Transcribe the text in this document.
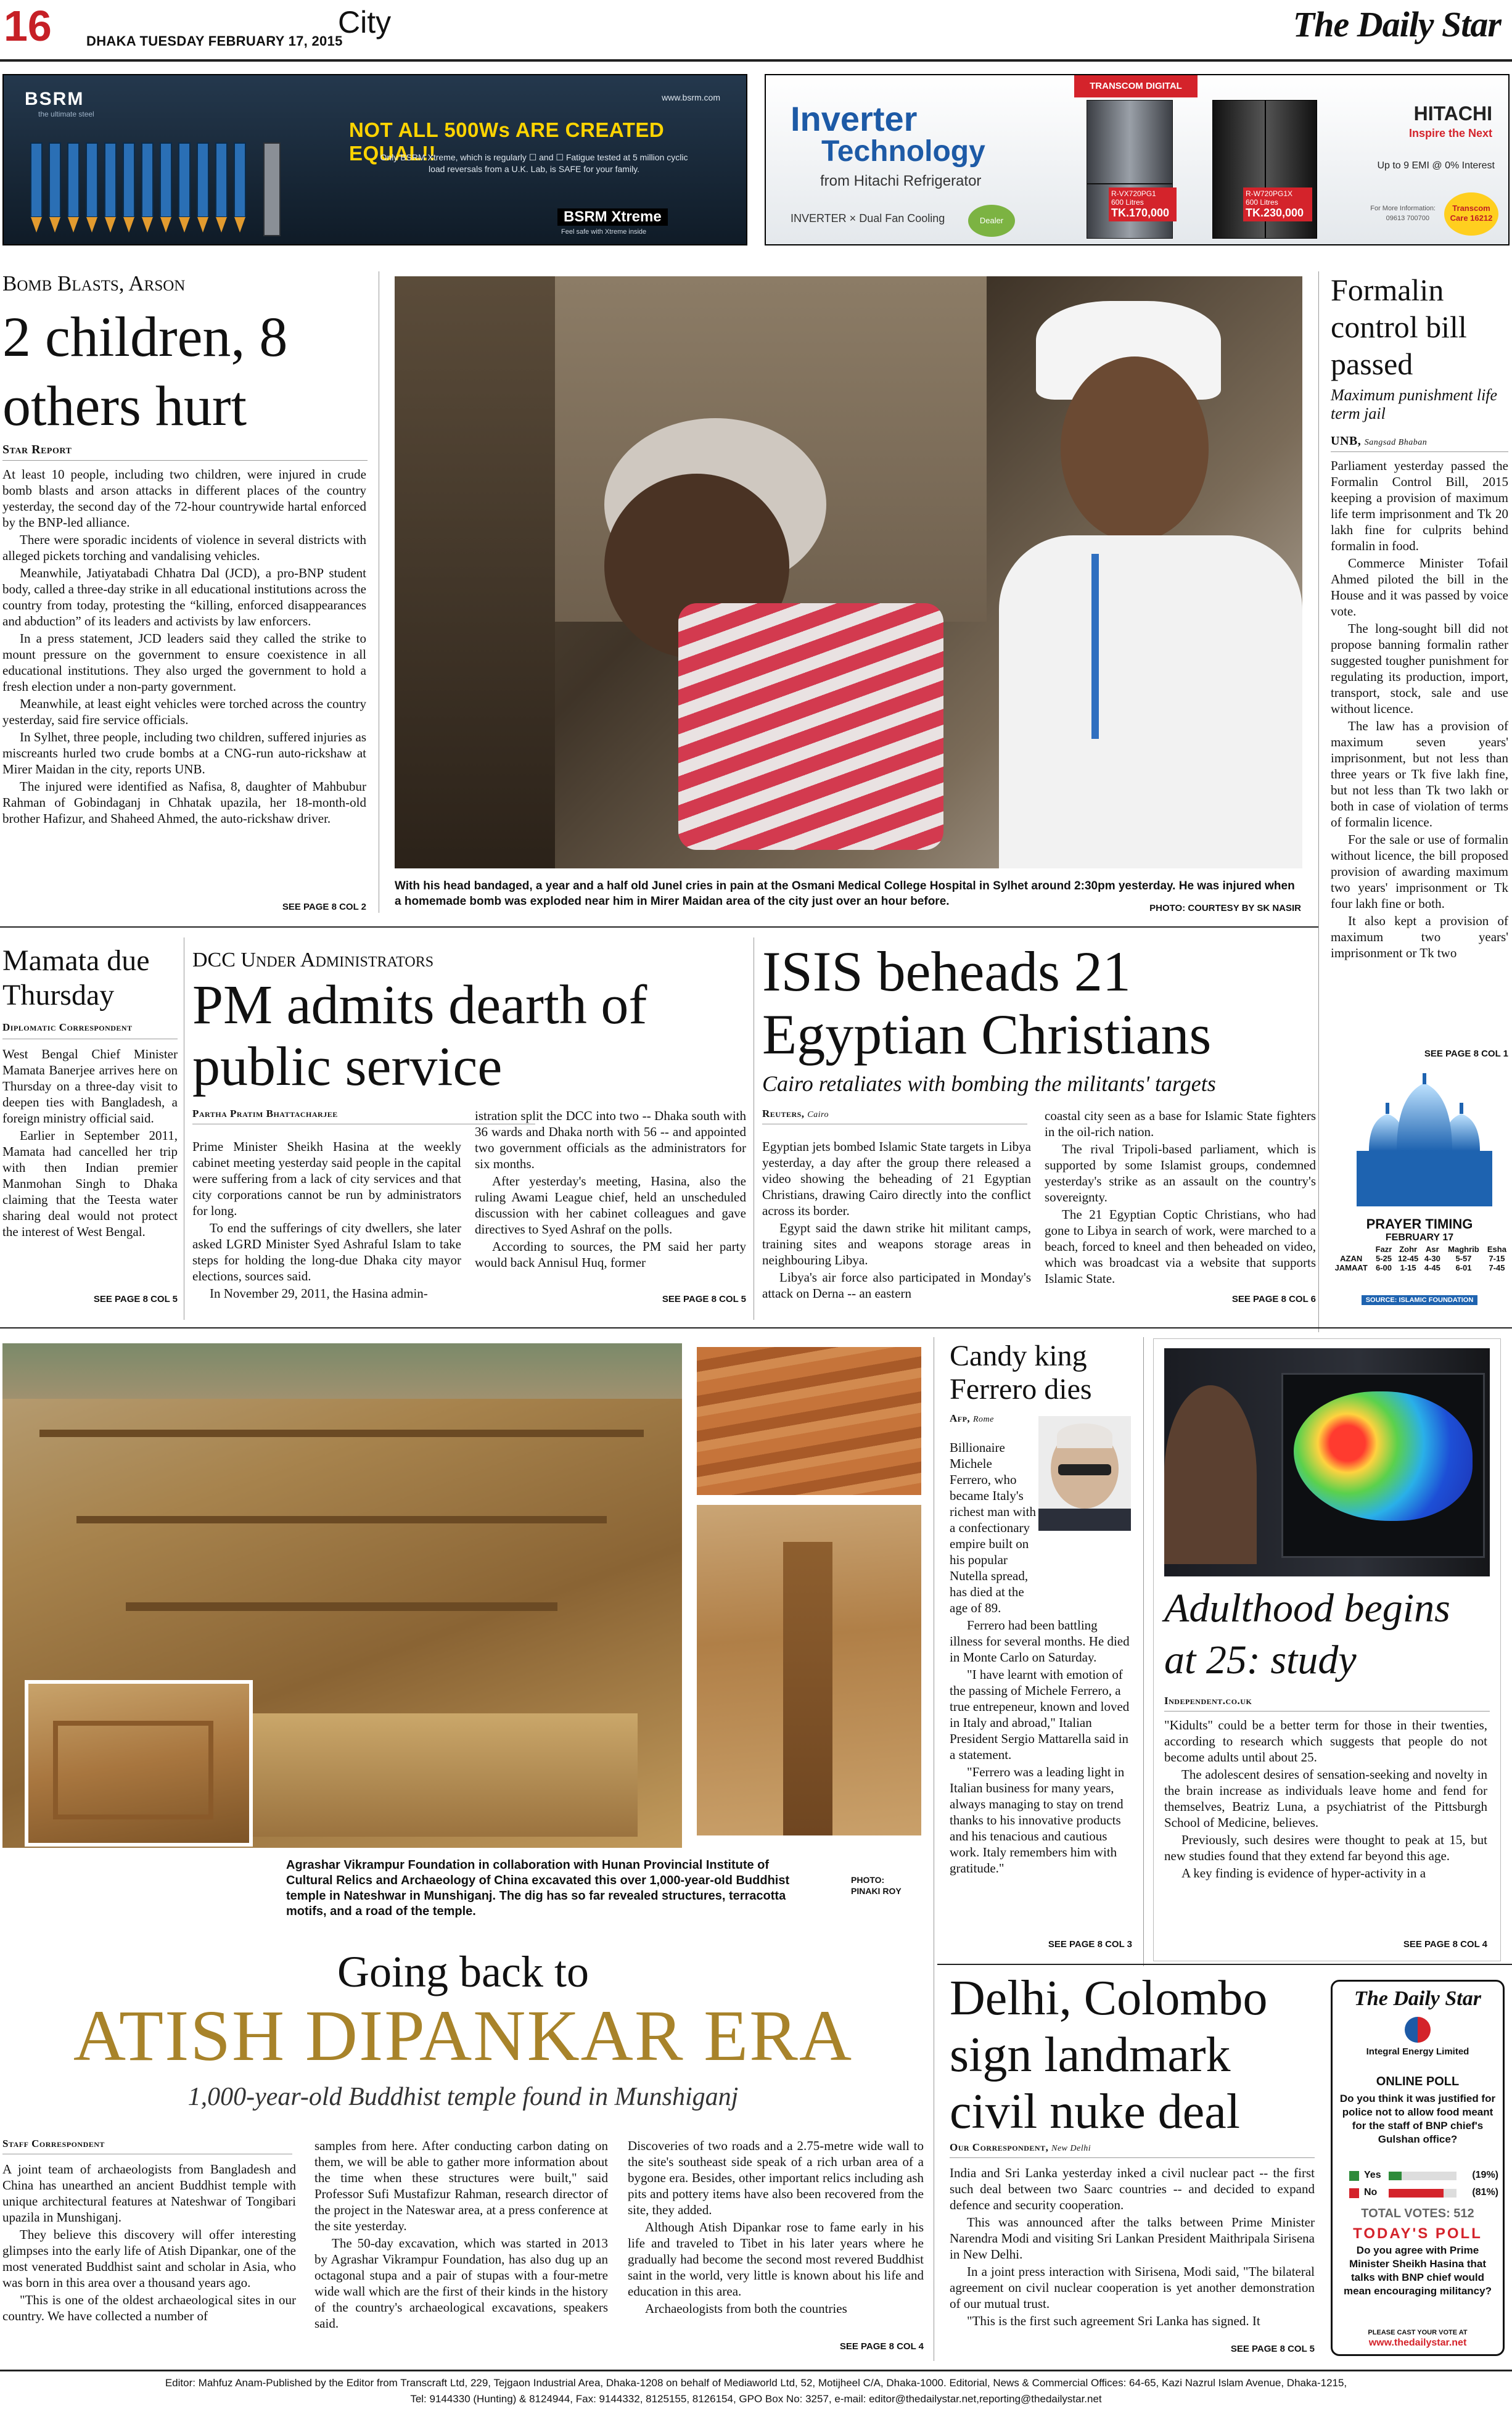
16	DHAKA TUESDAY FEBRUARY 17, 2015
City	The Daily Star
BSRM
the ultimate steel
www.bsrm.com
NOT ALL 500Ws ARE CREATED EQUAL!!
Only BSRM Xtreme, which is regularly ☐ and ☐ Fatigue tested at 5 million cyclic load reversals from a U.K. Lab, is SAFE for your family.
BSRM Xtreme
Feel safe with Xtreme inside
TRANSCOM DIGITAL
Inverter
Technology
from Hitachi Refrigerator
INVERTER × Dual Fan Cooling	Dealer Choice
R-VX720PG1
600 Litres
TK.170,000
R-W720PG1X
600 Litres
TK.230,000
HITACHI
Inspire the Next
Up to 9 EMI @ 0% Interest
For More Information:
09613 700700
Transcom Care 16212
Bomb Blasts, Arson
2 children, 8 others hurt
Star Report

At least 10 people, including two children, were injured in crude bomb blasts and arson attacks in different places of the country yesterday, the second day of the 72-hour countrywide hartal enforced by the BNP-led alliance.

There were sporadic incidents of violence in several districts with alleged pickets torching and vandalising vehicles.

Meanwhile, Jatiyatabadi Chhatra Dal (JCD), a pro-BNP student body, called a three-day strike in all educational institutions across the country from today, protesting the “killing, enforced disappearances and abduction” of its leaders and activists by law enforcers.

In a press statement, JCD leaders said they called the strike to mount pressure on the government to ensure coexistence in all educational institutions. They also urged the government to hold a fresh election under a non-party government.

Meanwhile, at least eight vehicles were torched across the country yesterday, said fire service officials.

In Sylhet, three people, including two children, suffered injuries as miscreants hurled two crude bombs at a CNG-run auto-rickshaw at Mirer Maidan in the city, reports UNB.

The injured were identified as Nafisa, 8, daughter of Mahbubur Rahman of Gobindaganj in Chhatak upazila, her 18-month-old brother Hafizur, and Shaheed Ahmed, the auto-rickshaw driver.

SEE PAGE 8 COL 2
With his head bandaged, a year and a half old Junel cries in pain at the Osmani Medical College Hospital in Sylhet around 2:30pm yesterday. He was injured when a homemade bomb was exploded near him in Mirer Maidan area of the city just over an hour before.
PHOTO: COURTESY BY SK NASIR
Formalin control bill passed
Maximum punishment life term jail
UNB, Sangsad Bhaban

Parliament yesterday passed the Formalin Control Bill, 2015 keeping a provision of maximum life term imprisonment and Tk 20 lakh fine for culprits behind formalin in food.

Commerce Minister Tofail Ahmed piloted the bill in the House and it was passed by voice vote.

The long-sought bill did not propose banning formalin rather suggested tougher punishment for regulating its production, import, transport, stock, sale and use without licence.

The law has a provision of maximum seven years' imprisonment, but not less than three years or Tk five lakh fine, but not less than Tk two lakh or both in case of violation of terms of formalin licence.

For the sale or use of formalin without licence, the bill proposed provision of awarding maximum two years' imprisonment or Tk four lakh fine or both.

It also kept a provision of maximum two years' imprisonment or Tk two

SEE PAGE 8 COL 1
PRAYER TIMING
FEBRUARY 17
	Fazr	Zohr	Asr	Maghrib	Esha
AZAN	5-25	12-45	4-30	5-57	7-15
JAMAAT	6-00	1-15	4-45	6-01	7-45
SOURCE: ISLAMIC FOUNDATION
Mamata due Thursday
Diplomatic Correspondent

West Bengal Chief Minister Mamata Banerjee arrives here on Thursday on a three-day visit to deepen ties with Bangladesh, a foreign ministry official said.

Earlier in September 2011, Mamata had cancelled her trip with then Indian premier Manmohan Singh to Dhaka claiming that the Teesta water sharing deal would not protect the interest of West Bengal.

SEE PAGE 8 COL 5
DCC Under Administrators
PM admits dearth of public service
Partha Pratim Bhattacharjee

Prime Minister Sheikh Hasina at the weekly cabinet meeting yesterday said people in the capital were suffering from a lack of city services and that city corporations cannot be run by administrators for long.

To end the sufferings of city dwellers, she later asked LGRD Minister Syed Ashraful Islam to take steps for holding the long-due Dhaka city mayor elections, sources said.

In November 29, 2011, the Hasina admin-

istration split the DCC into two -- Dhaka south with 36 wards and Dhaka north with 56 -- and appointed two government officials as the administrators for six months.

After yesterday's meeting, Hasina, also the ruling Awami League chief, held an unscheduled discussion with her cabinet colleagues and gave directives to Syed Ashraf on the polls.

According to sources, the PM said her party would back Annisul Huq, former

SEE PAGE 8 COL 5
ISIS beheads 21 Egyptian Christians
Cairo retaliates with bombing the militants' targets
Reuters, Cairo

Egyptian jets bombed Islamic State targets in Libya yesterday, a day after the group there released a video showing the beheading of 21 Egyptian Christians, drawing Cairo directly into the conflict across its border.

Egypt said the dawn strike hit militant camps, training sites and weapons storage areas in neighbouring Libya.

Libya's air force also participated in Monday's attack on Derna -- an eastern

coastal city seen as a base for Islamic State fighters in the oil-rich nation.

The rival Tripoli-based parliament, which is supported by some Islamist groups, condemned yesterday's strike as an assault on the country's sovereignty.

The 21 Egyptian Coptic Christians, who had gone to Libya in search of work, were marched to a beach, forced to kneel and then beheaded on video, which was broadcast via a website that supports Islamic State.

SEE PAGE 8 COL 6
Agrashar Vikrampur Foundation in collaboration with Hunan Provincial Institute of Cultural Relics and Archaeology of China excavated this over 1,000-year-old Buddhist temple in Nateshwar in Munshiganj. The dig has so far revealed structures, terracotta motifs, and a road of the temple.
PHOTO:
PINAKI ROY
Going back to
ATISH DIPANKAR ERA
1,000-year-old Buddhist temple found in Munshiganj
Staff Correspondent

A joint team of archaeologists from Bangladesh and China has unearthed an ancient Buddhist temple with unique architectural features at Nateshwar of Tongibari upazila in Munshiganj.

They believe this discovery will offer interesting glimpses into the early life of Atish Dipankar, one of the most venerated Buddhist saint and scholar in Asia, who was born in this area over a thousand years ago.

"This is one of the oldest archaeological sites in our country. We have collected a number of

samples from here. After conducting carbon dating on them, we will be able to gather more information about the time when these structures were built," said Professor Sufi Mustafizur Rahman, research director of the project in the Nateswar area, at a press conference at the site yesterday.

The 50-day excavation, which was started in 2013 by Agrashar Vikrampur Foundation, has also dug up an octagonal stupa and a pair of stupas with a four-metre wide wall which are the first of their kinds in the history of the country's archaeological excavations, speakers said.

Discoveries of two roads and a 2.75-metre wide wall to the site's southeast side speak of a rich urban area of a bygone era. Besides, other important relics including ash pits and pottery items have also been recovered from the site, they added.

Although Atish Dipankar rose to fame early in his life and traveled to Tibet in his later years where he gradually had become the second most revered Buddhist saint in the world, very little is known about his life and education in this area.

Archaeologists from both the countries

SEE PAGE 8 COL 4
Candy king Ferrero dies
Afp, Rome

Billionaire Michele Ferrero, who became Italy's richest man with a confectionary empire built on his popular Nutella spread, has died at the age of 89.

Ferrero had been battling illness for several months. He died in Monte Carlo on Saturday.

"I have learnt with emotion of the passing of Michele Ferrero, a true entrepeneur, known and loved in Italy and abroad," Italian President Sergio Mattarella said in a statement.

"Ferrero was a leading light in Italian business for many years, always managing to stay on trend thanks to his innovative products and his tenacious and cautious work. Italy remembers him with gratitude."

SEE PAGE 8 COL 3
Adulthood begins at 25: study
Independent.co.uk

"Kidults" could be a better term for those in their twenties, according to research which suggests that people do not become adults until about 25.

The adolescent desires of sensation-seeking and novelty in the brain increase as individuals leave home and fend for themselves, Beatriz Luna, a psychiatrist of the Pittsburgh School of Medicine, believes.

Previously, such desires were thought to peak at 15, but new studies found that they extend far beyond this age.

A key finding is evidence of hyper-activity in a

SEE PAGE 8 COL 4
Delhi, Colombo sign landmark civil nuke deal
Our Correspondent, New Delhi

India and Sri Lanka yesterday inked a civil nuclear pact -- the first such deal between two Saarc countries -- and decided to expand defence and security cooperation.

This was announced after the talks between Prime Minister Narendra Modi and visiting Sri Lankan President Maithripala Sirisena in New Delhi.

In a joint press interaction with Sirisena, Modi said, "The bilateral agreement on civil nuclear cooperation is yet another demonstration of our mutual trust.

"This is the first such agreement Sri Lanka has signed. It

SEE PAGE 8 COL 5
The Daily Star
Integral Energy Limited
ONLINE POLL
Do you think it was justified for police not to allow food meant for the staff of BNP chief's Gulshan office?
Yes	(19%)
No	(81%)
TOTAL VOTES: 512
TODAY'S POLL
Do you agree with Prime Minister Sheikh Hasina that talks with BNP chief would mean encouraging militancy?
PLEASE CAST YOUR VOTE AT
www.thedailystar.net
Editor: Mahfuz Anam-Published by the Editor from Transcraft Ltd, 229, Tejgaon Industrial Area, Dhaka-1208 on behalf of Mediaworld Ltd, 52, Motijheel C/A, Dhaka-1000. Editorial, News & Commercial Offices: 64-65, Kazi Nazrul Islam Avenue, Dhaka-1215,
Tel: 9144330 (Hunting) & 8124944, Fax: 9144332, 8125155, 8126154, GPO Box No: 3257, e-mail: editor@thedailystar.net,reporting@thedailystar.net
